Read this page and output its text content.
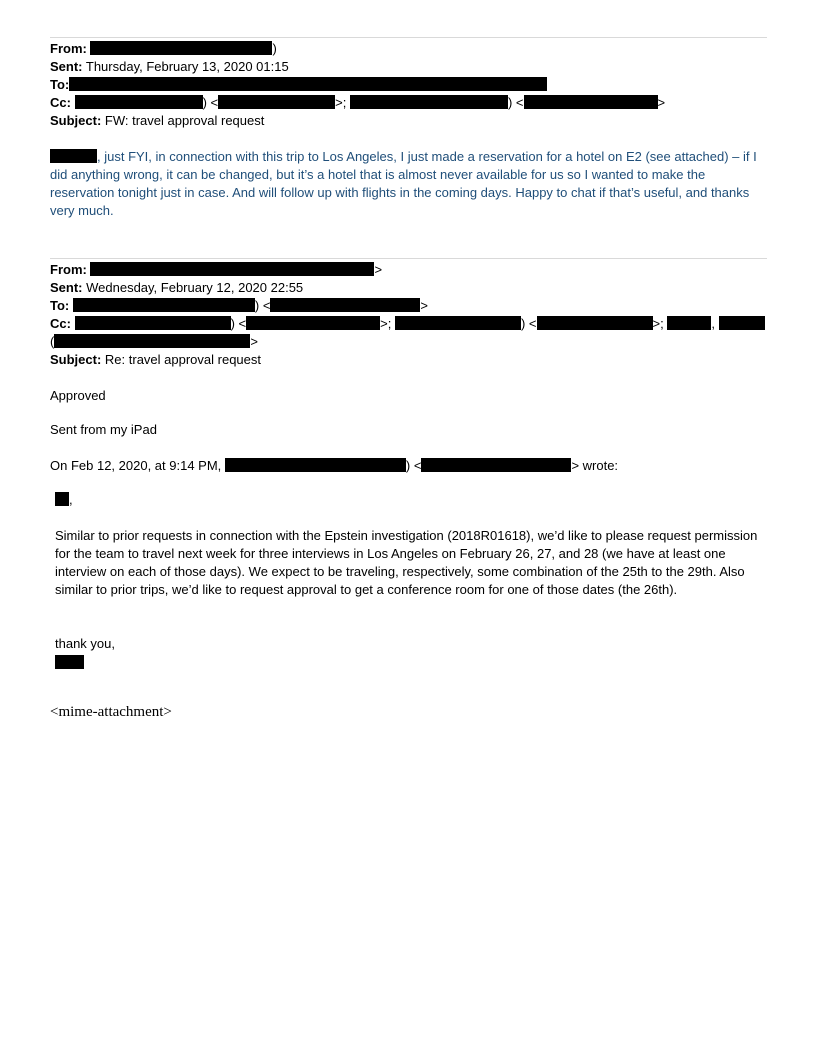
From:	)
Sent: Thursday, February 13, 2020 01:15
To:
Cc:	) <	>;	) <	>
Subject: FW: travel approval request
, just FYI, in connection with this trip to Los Angeles, I just made a reservation for a hotel on E2 (see attached) – if I did anything wrong, it can be changed, but it’s a hotel that is almost never available for us so I wanted to make the reservation tonight just in case. And will follow up with flights in the coming days. Happy to chat if that’s useful, and thanks very much.
From:	>
Sent: Wednesday, February 12, 2020 22:55
To:	) <	>
Cc:	) <	>;	) <	>;	,
(	>
Subject: Re: travel approval request
Approved
Sent from my iPad
On Feb 12, 2020, at 9:14 PM,	) <	> wrote:
,
Similar to prior requests in connection with the Epstein investigation (2018R01618), we’d like to please request permission for the team to travel next week for three interviews in Los Angeles on February 26, 27, and 28 (we have at least one interview on each of those days). We expect to be traveling, respectively, some combination of the 25th to the 29th. Also similar to prior trips, we’d like to request approval to get a conference room for one of those dates (the 26th).
thank you,
<mime-attachment>
